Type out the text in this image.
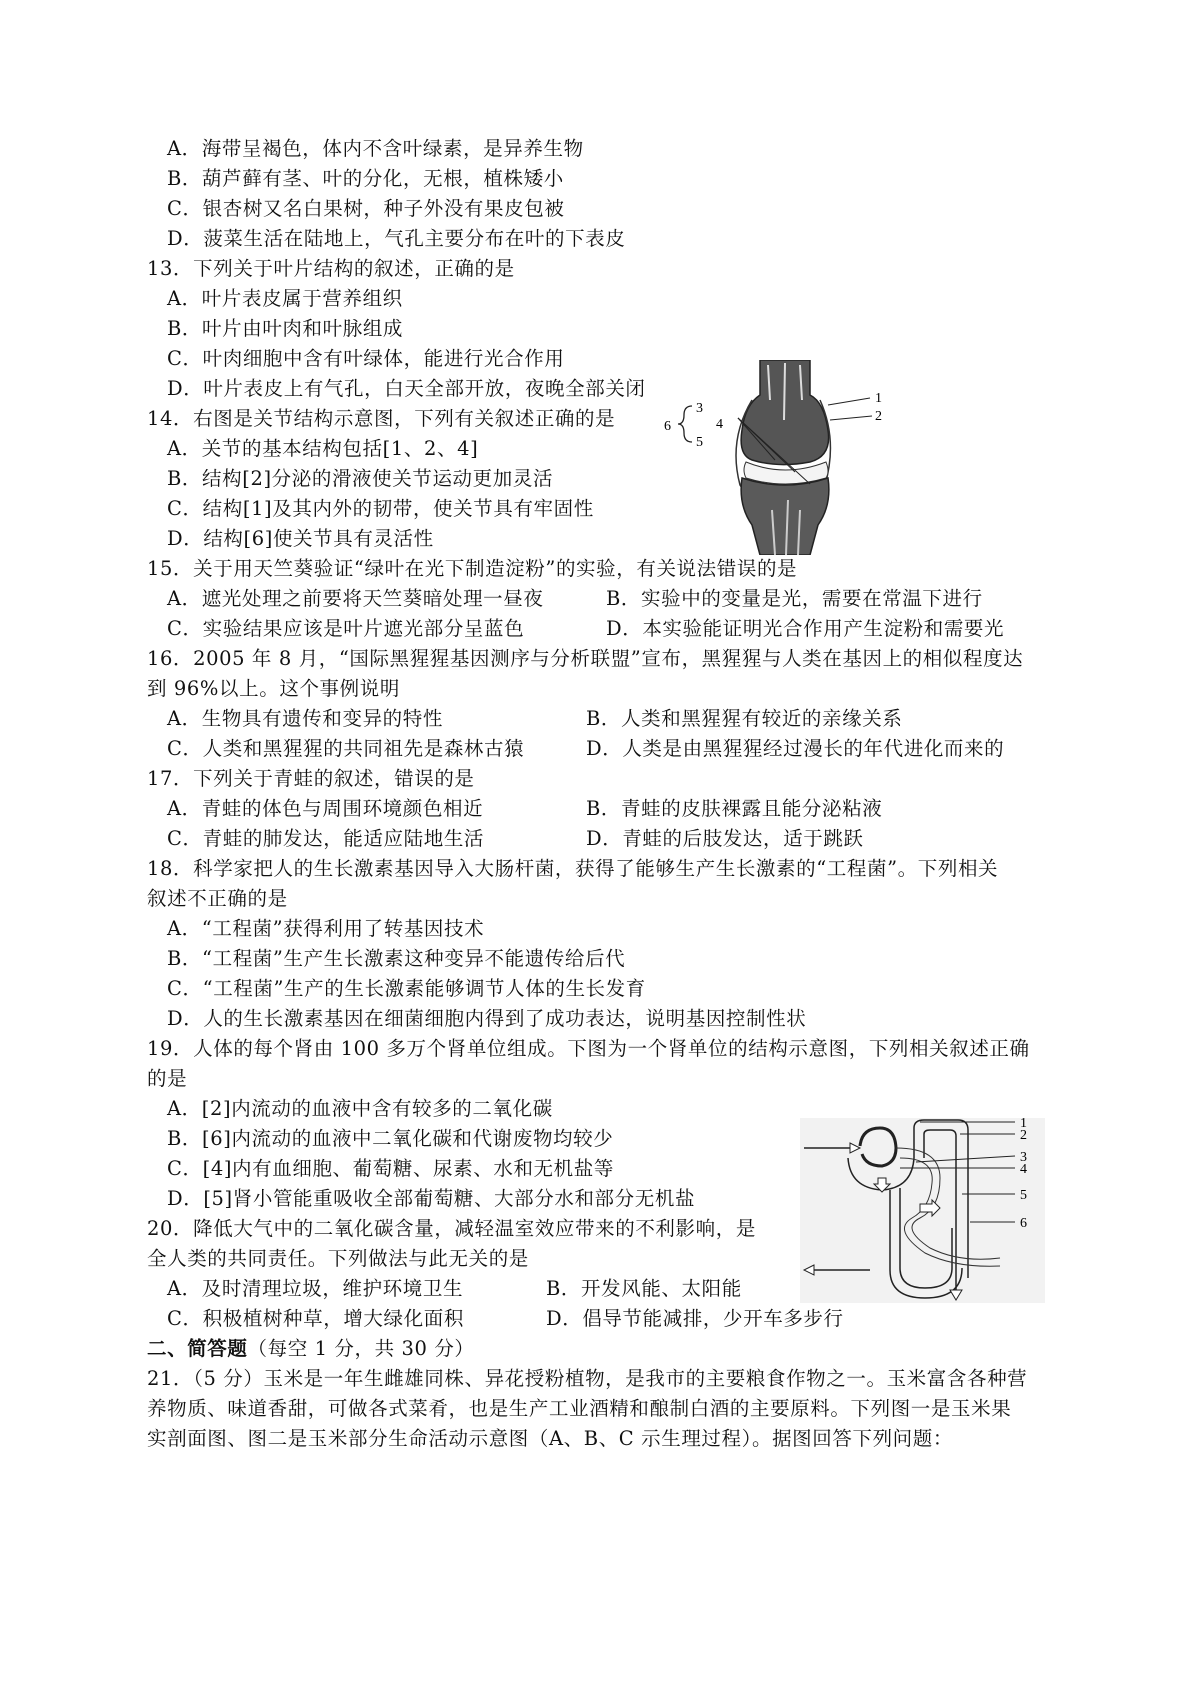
A．海带呈褐色，体内不含叶绿素，是异养生物
B．葫芦藓有茎、叶的分化，无根，植株矮小
C．银杏树又名白果树，种子外没有果皮包被
D．菠菜生活在陆地上，气孔主要分布在叶的下表皮
13．下列关于叶片结构的叙述，正确的是
A．叶片表皮属于营养组织
B．叶片由叶肉和叶脉组成
C．叶肉细胞中含有叶绿体，能进行光合作用
D．叶片表皮上有气孔，白天全部开放，夜晚全部关闭
14．右图是关节结构示意图，下列有关叙述正确的是
A．关节的基本结构包括[1、2、4]
B．结构[2]分泌的滑液使关节运动更加灵活
C．结构[1]及其内外的韧带，使关节具有牢固性
D．结构[6]使关节具有灵活性
1
2
3
4
5
6
15．关于用天竺葵验证“绿叶在光下制造淀粉”的实验，有关说法错误的是
A．遮光处理之前要将天竺葵暗处理一昼夜	B．实验中的变量是光，需要在常温下进行
C．实验结果应该是叶片遮光部分呈蓝色	D．本实验能证明光合作用产生淀粉和需要光
16．2005 年 8 月，“国际黑猩猩基因测序与分析联盟”宣布，黑猩猩与人类在基因上的相似程度达
到 96%以上。这个事例说明
A．生物具有遗传和变异的特性	B．人类和黑猩猩有较近的亲缘关系
C．人类和黑猩猩的共同祖先是森林古猿	D．人类是由黑猩猩经过漫长的年代进化而来的
17．下列关于青蛙的叙述，错误的是
A．青蛙的体色与周围环境颜色相近	B．青蛙的皮肤裸露且能分泌粘液
C．青蛙的肺发达，能适应陆地生活	D．青蛙的后肢发达，适于跳跃
18．科学家把人的生长激素基因导入大肠杆菌，获得了能够生产生长激素的“工程菌”。下列相关
叙述不正确的是
A．“工程菌”获得利用了转基因技术
B．“工程菌”生产生长激素这种变异不能遗传给后代
C．“工程菌”生产的生长激素能够调节人体的生长发育
D．人的生长激素基因在细菌细胞内得到了成功表达，说明基因控制性状
19．人体的每个肾由 100 多万个肾单位组成。下图为一个肾单位的结构示意图，下列相关叙述正确
的是
A．[2]内流动的血液中含有较多的二氧化碳
B．[6]内流动的血液中二氧化碳和代谢废物均较少
C．[4]内有血细胞、葡萄糖、尿素、水和无机盐等
D．[5]肾小管能重吸收全部葡萄糖、大部分水和部分无机盐
1
2
3
4
5
6
20．降低大气中的二氧化碳含量，减轻温室效应带来的不利影响，是
全人类的共同责任。下列做法与此无关的是
A．及时清理垃圾，维护环境卫生	B．开发风能、太阳能
C．积极植树种草，增大绿化面积	D．倡导节能减排，少开车多步行
二、简答题（每空 1 分，共 30 分）
21．（5 分）玉米是一年生雌雄同株、异花授粉植物，是我市的主要粮食作物之一。玉米富含各种营
养物质、味道香甜，可做各式菜肴，也是生产工业酒精和酿制白酒的主要原料。下列图一是玉米果
实剖面图、图二是玉米部分生命活动示意图（A、B、C 示生理过程）。据图回答下列问题：
